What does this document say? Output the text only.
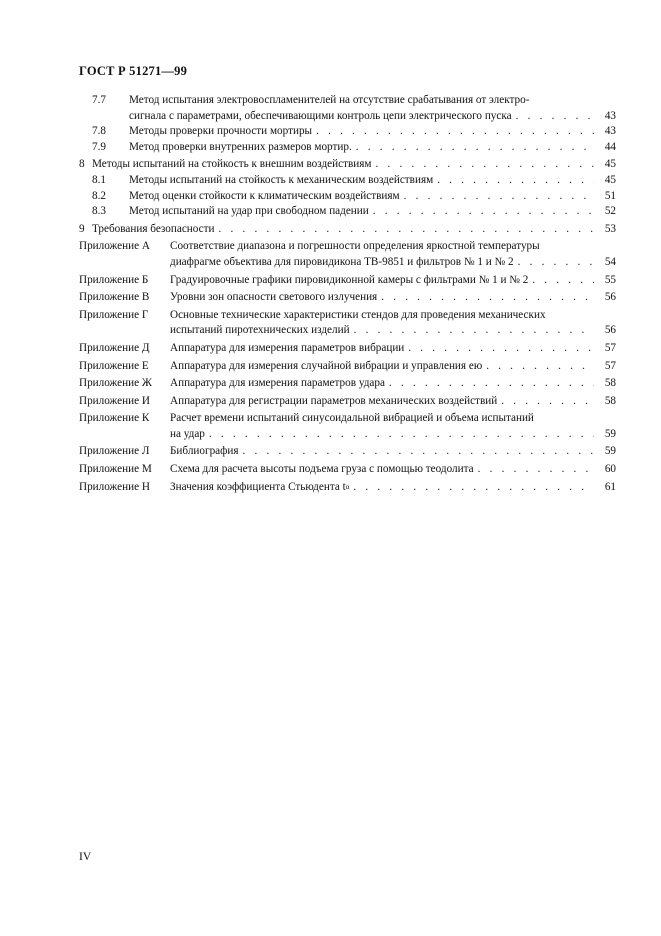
ГОСТ Р 51271—99
7.7	Метод испытания электровоспламенителей на отсутствие срабатывания от электро-
сигнала с параметрами, обеспечивающими контроль цепи электрического пуска . . .	43
7.8	Методы проверки прочности мортиры . . .	43
7.9	Метод проверки внутренних размеров мортир. . . .	44
8 Методы испытаний на стойкость к внешним воздействиям . . .	45
8.1	Методы испытаний на стойкость к механическим воздействиям . . .	45
8.2	Метод оценки стойкости к климатическим воздействиям . . .	51
8.3	Метод испытаний на удар при свободном падении . . .	52
9 Требования безопасности . . .	53
Приложение А	Соответствие диапазона и погрешности определения яркостной температуры
диафрагме объектива для пировидикона ТВ-9851 и фильтров № 1 и № 2 . . .	54
Приложение Б	Градуировочные графики пировидиконной камеры с фильтрами № 1 и № 2 . . .	55
Приложение В	Уровни зон опасности светового излучения . . .	56
Приложение Г	Основные технические характеристики стендов для проведения механических
испытаний пиротехнических изделий . . .	56
Приложение Д	Аппаратура для измерения параметров вибрации . . .	57
Приложение Е	Аппаратура для измерения случайной вибрации и управления ею . . .	57
Приложение Ж	Аппаратура для измерения параметров удара . . .	58
Приложение И	Аппаратура для регистрации параметров механических воздействий . . .	58
Приложение К	Расчет времени испытаний синусоидальной вибрацией и объема испытаний
на удар . . .	59
Приложение Л	Библиография . . .	59
Приложение М	Схема для расчета высоты подъема груза с помощью теодолита . . .	60
Приложение Н	Значения коэффициента Стьюдента t α . . .	61
IV
